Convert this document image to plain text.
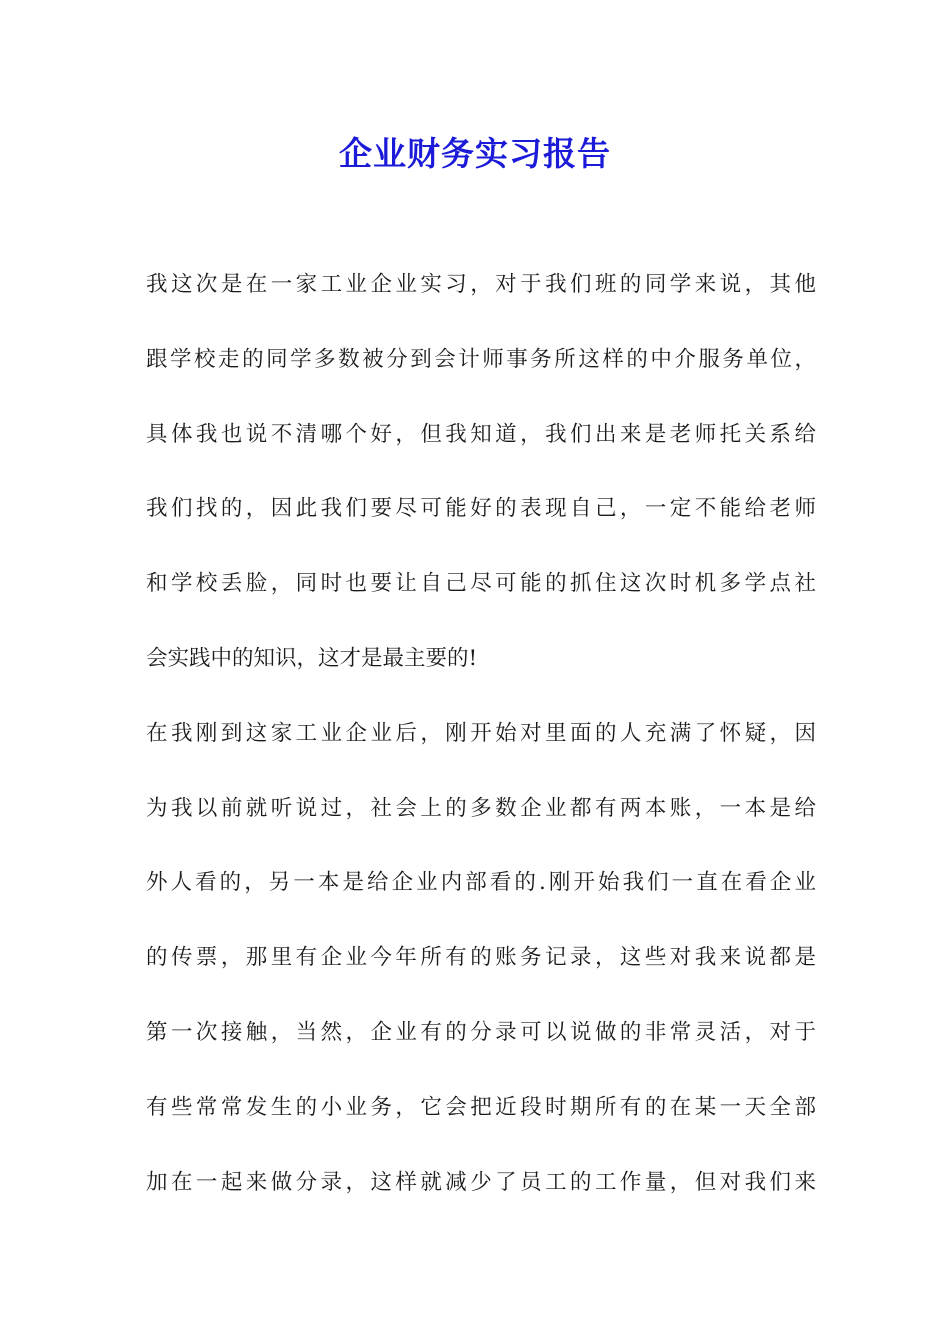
企业财务实习报告
我这次是在一家工业企业实习，对于我们班的同学来说，其他
跟学校走的同学多数被分到会计师事务所这样的中介服务单位，
具体我也说不清哪个好，但我知道，我们出来是老师托关系给
我们找的，因此我们要尽可能好的表现自己，一定不能给老师
和学校丢脸，同时也要让自己尽可能的抓住这次时机多学点社
会实践中的知识，这才是最主要的!
在我刚到这家工业企业后，刚开始对里面的人充满了怀疑，因
为我以前就听说过，社会上的多数企业都有两本账，一本是给
外人看的，另一本是给企业内部看的.刚开始我们一直在看企业
的传票，那里有企业今年所有的账务记录，这些对我来说都是
第一次接触，当然，企业有的分录可以说做的非常灵活，对于
有些常常发生的小业务，它会把近段时期所有的在某一天全部
加在一起来做分录，这样就减少了员工的工作量，但对我们来
